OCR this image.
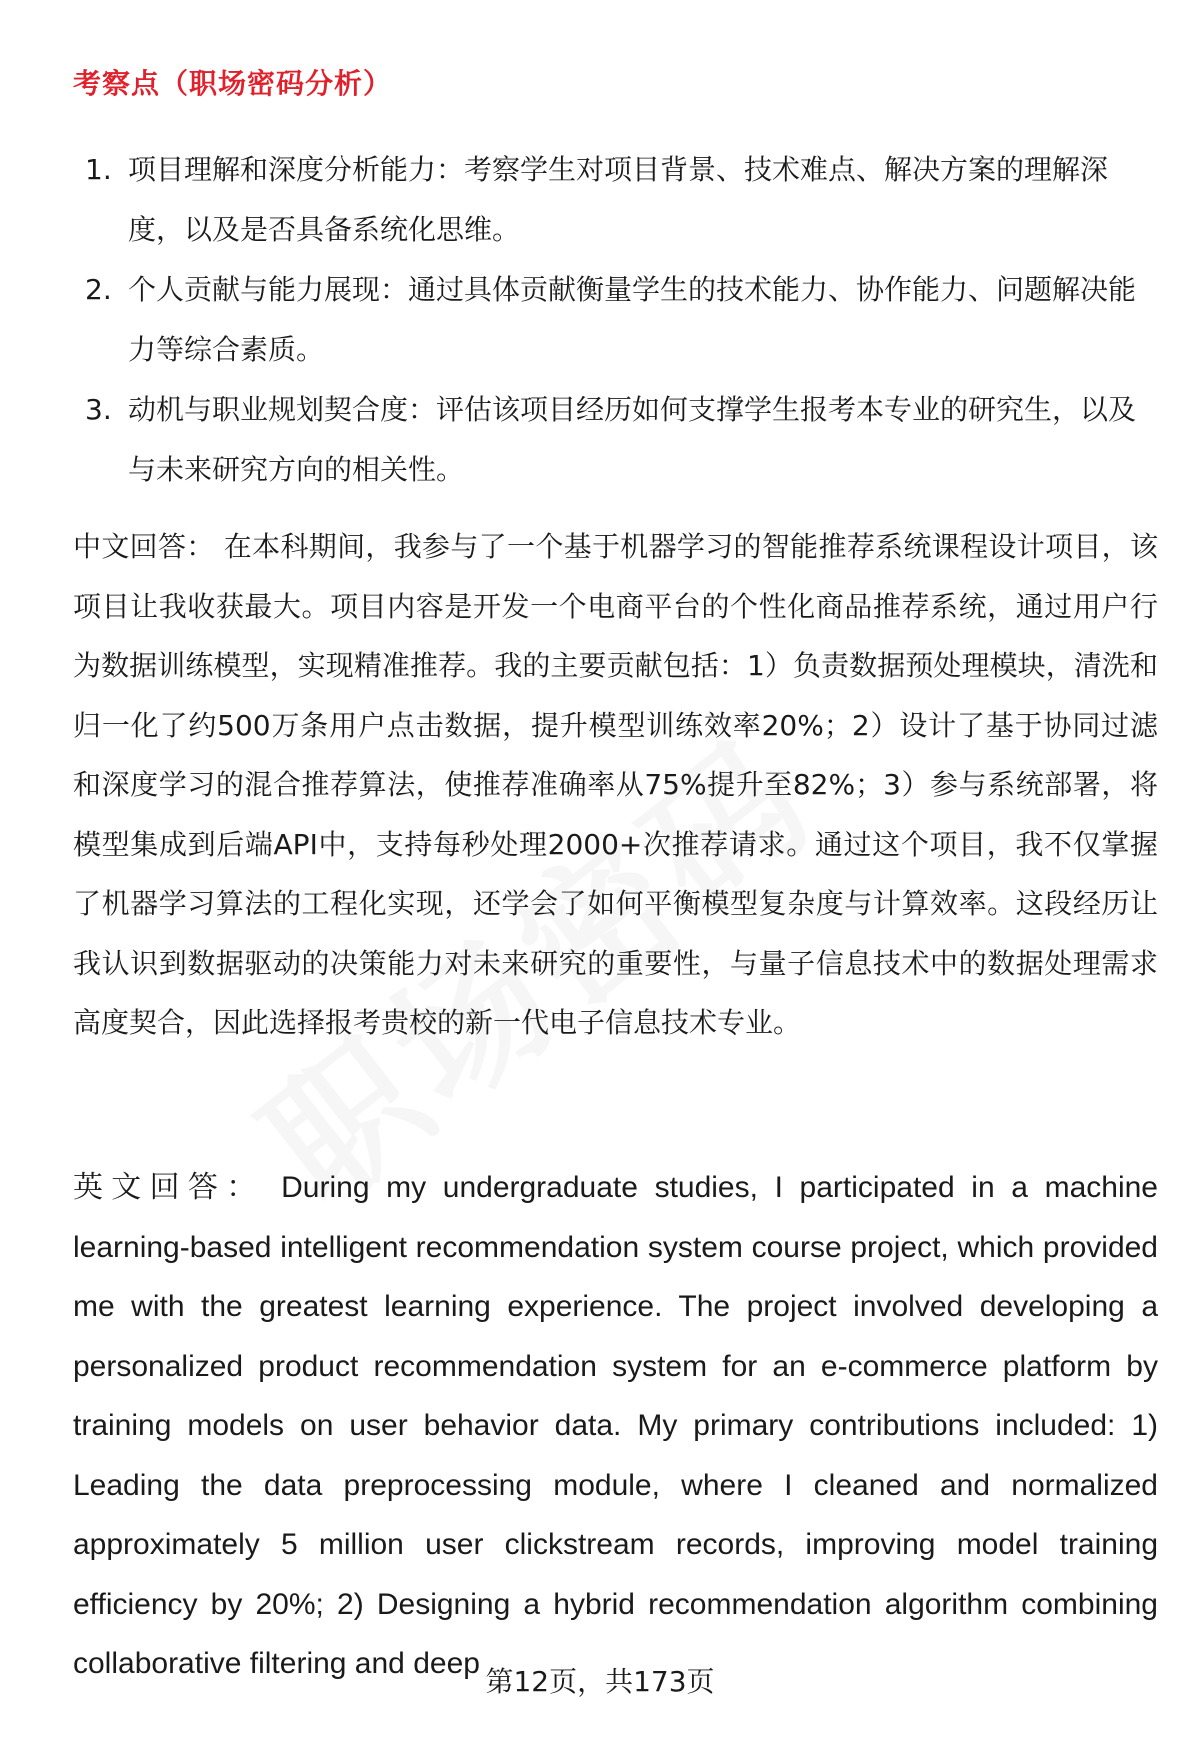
考察点（职场密码分析）
1. 项目理解和深度分析能力：考察学生对项目背景、技术难点、解决方案的理解深度，以及是否具备系统化思维。
2. 个人贡献与能力展现：通过具体贡献衡量学生的技术能力、协作能力、问题解决能力等综合素质。
3. 动机与职业规划契合度：评估该项目经历如何支撑学生报考本专业的研究生，以及与未来研究方向的相关性。
中文回答： 在本科期间，我参与了一个基于机器学习的智能推荐系统课程设计项目，该项目让我收获最大。项目内容是开发一个电商平台的个性化商品推荐系统，通过用户行为数据训练模型，实现精准推荐。我的主要贡献包括：1）负责数据预处理模块，清洗和归一化了约500万条用户点击数据，提升模型训练效率20%；2）设计了基于协同过滤和深度学习的混合推荐算法，使推荐准确率从75%提升至82%；3）参与系统部署，将模型集成到后端API中，支持每秒处理2000+次推荐请求。通过这个项目，我不仅掌握了机器学习算法的工程化实现，还学会了如何平衡模型复杂度与计算效率。这段经历让我认识到数据驱动的决策能力对未来研究的重要性，与量子信息技术中的数据处理需求高度契合，因此选择报考贵校的新一代电子信息技术专业。
英文回答： During my undergraduate studies, I participated in a machine learning-based intelligent recommendation system course project, which provided me with the greatest learning experience. The project involved developing a personalized product recommendation system for an e-commerce platform by training models on user behavior data. My primary contributions included: 1) Leading the data preprocessing module, where I cleaned and normalized approximately 5 million user clickstream records, improving model training efficiency by 20%; 2) Designing a hybrid recommendation algorithm combining collaborative filtering and deep
第12页，共173页
